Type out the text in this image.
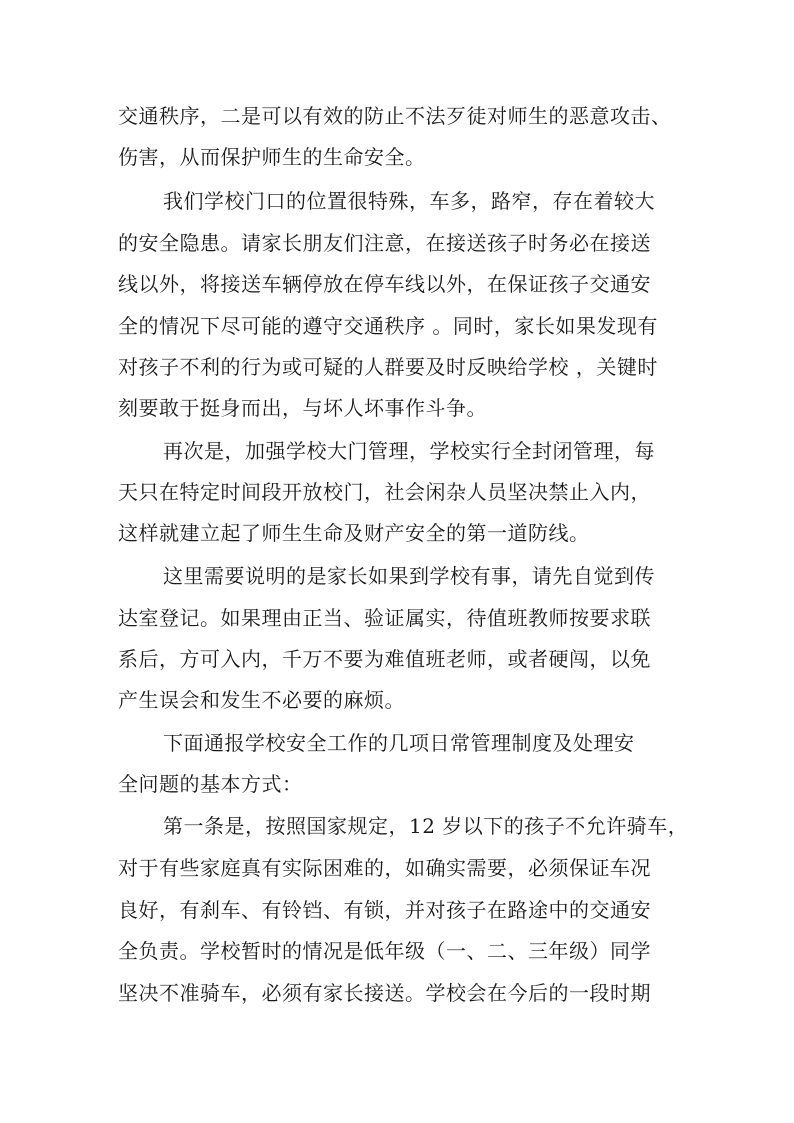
交通秩序，二是可以有效的防止不法歹徒对师生的恶意攻击、
伤害，从而保护师生的生命安全。
我们学校门口的位置很特殊，车多，路窄，存在着较大
的安全隐患。请家长朋友们注意，在接送孩子时务必在接送
线以外，将接送车辆停放在停车线以外，在保证孩子交通安
全的情况下尽可能的遵守交通秩序 。同时，家长如果发现有
对孩子不利的行为或可疑的人群要及时反映给学校 ，关键时
刻要敢于挺身而出，与坏人坏事作斗争。
再次是，加强学校大门管理，学校实行全封闭管理，每
天只在特定时间段开放校门，社会闲杂人员坚决禁止入内，
这样就建立起了师生生命及财产安全的第一道防线。
这里需要说明的是家长如果到学校有事，请先自觉到传
达室登记。如果理由正当、验证属实，待值班教师按要求联
系后，方可入内，千万不要为难值班老师，或者硬闯，以免
产生误会和发生不必要的麻烦。
下面通报学校安全工作的几项日常管理制度及处理安
全问题的基本方式：
第一条是，按照国家规定，12 岁以下的孩子不允许骑车，
对于有些家庭真有实际困难的，如确实需要，必须保证车况
良好，有刹车、有铃铛、有锁，并对孩子在路途中的交通安
全负责。学校暂时的情况是低年级（一、二、三年级）同学
坚决不准骑车，必须有家长接送。学校会在今后的一段时期
